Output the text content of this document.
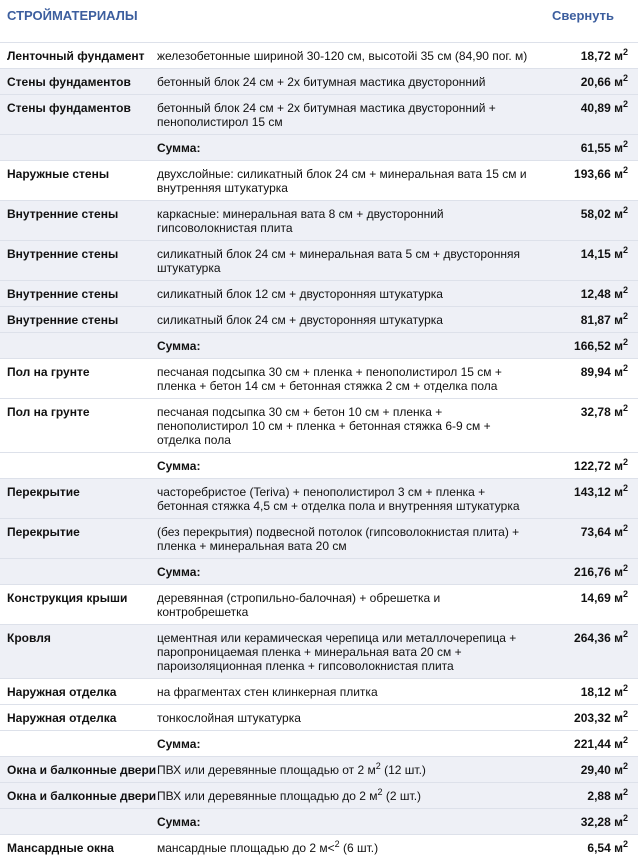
СТРОЙМАТЕРИАЛЫ	Свернуть
Ленточный фундамент	железобетонные шириной 30-120 см, высотойі 35 см (84,90 пог. м)	18,72 $м^2$
Стены фундаментов	бетонный блок 24 см + 2x битумная мастика двусторонний	20,66 $м^2$
Стены фундаментов	бетонный блок 24 см + 2x битумная мастика двусторонний + пенополистирол 15 см	40,89 $м^2$
	Сумма:	61,55 $м^2$
Наружные стены	двухслойные: силикатный блок 24 см + минеральная вата 15 см и внутренняя штукатурка	193,66 $м^2$
Внутренние стены	каркасные: минеральная вата 8 см + двусторонний гипсоволокнистая плита	58,02 $м^2$
Внутренние стены	силикатный блок 24 см + минеральная вата 5 см + двусторонняя штукатурка	14,15 $м^2$
Внутренние стены	силикатный блок 12 см + двусторонняя штукатурка	12,48 $м^2$
Внутренние стены	силикатный блок 24 см + двусторонняя штукатурка	81,87 $м^2$
	Сумма:	166,52 $м^2$
Пол на грунте	песчаная подсыпка 30 см + пленка + пенополистирол 15 см + пленка + бетон 14 см + бетонная стяжка 2 см + отделка пола	89,94 $м^2$
Пол на грунте	песчаная подсыпка 30 см + бетон 10 см + пленка + пенополистирол 10 см + пленка + бетонная стяжка 6-9 см + отделка пола	32,78 $м^2$
	Сумма:	122,72 $м^2$
Перекрытие	часторебристое (Teriva) + пенополистирол 3 см + пленка + бетонная стяжка 4,5 см + отделка пола и внутренняя штукатурка	143,12 $м^2$
Перекрытие	(без перекрытия) подвесной потолок (гипсоволокнистая плита) + пленка + минеральная вата 20 см	73,64 $м^2$
	Сумма:	216,76 $м^2$
Конструкция крыши	деревянная (стропильно-балочная) + обрешетка и контробрешетка	14,69 $м^2$
Кровля	цементная или керамическая черепица или металлочерепица + паропроницаемая пленка + минеральная вата 20 см + пароизоляционная пленка + гипсоволокнистая плита	264,36 $м^2$
Наружная отделка	на фрагментах стен клинкерная плитка	18,12 $м^2$
Наружная отделка	тонкослойная штукатурка	203,32 $м^2$
	Сумма:	221,44 $м^2$
Окна и балконные двери	ПВХ или деревянные площадью от 2 $м^2$ (12 шт.)	29,40 $м^2$
Окна и балконные двери	ПВХ или деревянные площадью до 2 $м^2$ (2 шт.)	2,88 $м^2$
	Сумма:	32,28 $м^2$
Мансардные окна	мансардные площадью до 2 м<$^2$ (6 шт.)	6,54 $м^2$
